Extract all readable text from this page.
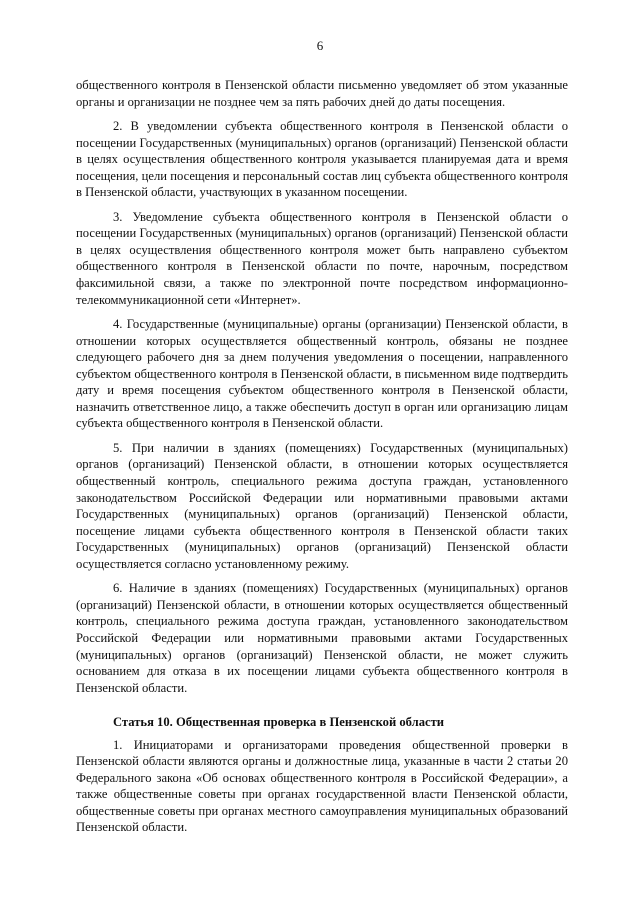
6

общественного контроля в Пензенской области письменно уведомляет об этом указанные органы и организации не позднее чем за пять рабочих дней до даты посещения.

2. В уведомлении субъекта общественного контроля в Пензенской области о посещении Государственных (муниципальных) органов (организаций) Пензенской области в целях осуществления общественного контроля указывается планируемая дата и время посещения, цели посещения и персональный состав лиц субъекта общественного контроля в Пензенской области, участвующих в указанном посещении.

3. Уведомление субъекта общественного контроля в Пензенской области о посещении Государственных (муниципальных) органов (организаций) Пензенской области в целях осуществления общественного контроля может быть направлено субъектом общественного контроля в Пензенской области по почте, нарочным, посредством факсимильной связи, а также по электронной почте посредством информационно-телекоммуникационной сети «Интернет».

4. Государственные (муниципальные) органы (организации) Пензенской области, в отношении которых осуществляется общественный контроль, обязаны не позднее следующего рабочего дня за днем получения уведомления о посещении, направленного субъектом общественного контроля в Пензенской области, в письменном виде подтвердить дату и время посещения субъектом общественного контроля в Пензенской области, назначить ответственное лицо, а также обеспечить доступ в орган или организацию лицам субъекта общественного контроля в Пензенской области.

5. При наличии в зданиях (помещениях) Государственных (муниципальных) органов (организаций) Пензенской области, в отношении которых осуществляется общественный контроль, специального режима доступа граждан, установленного законодательством Российской Федерации или нормативными правовыми актами Государственных (муниципальных) органов (организаций) Пензенской области, посещение лицами субъекта общественного контроля в Пензенской области таких Государственных (муниципальных) органов (организаций) Пензенской области осуществляется согласно установленному режиму.

6. Наличие в зданиях (помещениях) Государственных (муниципальных) органов (организаций) Пензенской области, в отношении которых осуществляется общественный контроль, специального режима доступа граждан, установленного законодательством Российской Федерации или нормативными правовыми актами Государственных (муниципальных) органов (организаций) Пензенской области, не может служить основанием для отказа в их посещении лицами субъекта общественного контроля в Пензенской области.

Статья 10. Общественная проверка в Пензенской области

1. Инициаторами и организаторами проведения общественной проверки в Пензенской области являются органы и должностные лица, указанные в части 2 статьи 20 Федерального закона «Об основах общественного контроля в Российской Федерации», а также общественные советы при органах государственной власти Пензенской области, общественные советы при органах местного самоуправления муниципальных образований Пензенской области.
